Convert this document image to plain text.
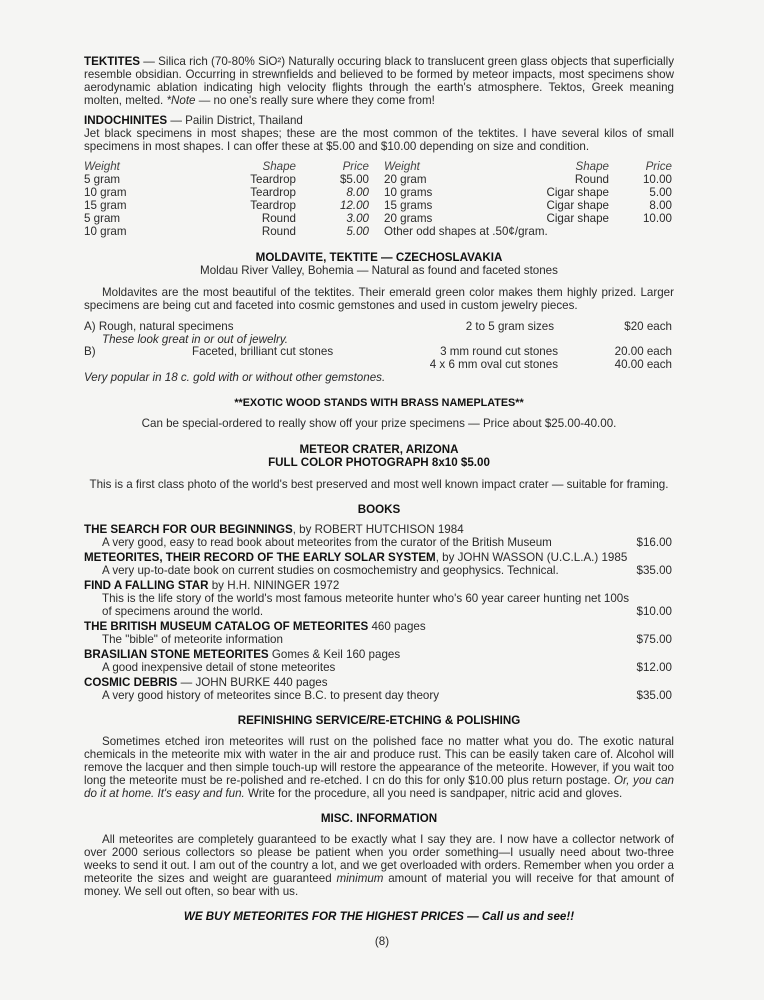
TEKTITES — Silica rich (70-80% SiO²) Naturally occuring black to translucent green glass objects that superficially resemble obsidian. Occurring in strewnfields and believed to be formed by meteor impacts, most specimens show aerodynamic ablation indicating high velocity flights through the earth's atmosphere. Tektos, Greek meaning molten, melted. *Note — no one's really sure where they come from!

INDOCHINITES — Pailin District, Thailand

Jet black specimens in most shapes; these are the most common of the tektites. I have several kilos of small specimens in most shapes. I can offer these at $5.00 and $10.00 depending on size and condition.

Weight	Shape	Price Weight	Shape	Price
5 gram	Teardrop	$5.00 20 gram	Round	10.00
10 gram	Teardrop	8.00 10 grams	Cigar shape	5.00
15 gram	Teardrop	12.00 15 grams	Cigar shape	8.00
5 gram	Round	3.00 20 grams	Cigar shape	10.00
10 gram	Round	5.00 Other odd shapes at .50¢/gram.
MOLDAVITE, TEKTITE — CZECHOSLAVAKIA
Moldau River Valley, Bohemia — Natural as found and faceted stones
Moldavites are the most beautiful of the tektites. Their emerald green color makes them highly prized. Larger specimens are being cut and faceted into cosmic gemstones and used in custom jewelry pieces.
A) Rough, natural specimens	2 to 5 gram sizes	$20 each
These look great in or out of jewelry.
B)	Faceted, brilliant cut stones	3 mm round cut stones	20.00 each
4 x 6 mm oval cut stones	40.00 each
Very popular in 18 c. gold with or without other gemstones.
**EXOTIC WOOD STANDS WITH BRASS NAMEPLATES**
Can be special-ordered to really show off your prize specimens — Price about $25.00-40.00.
METEOR CRATER, ARIZONA
FULL COLOR PHOTOGRAPH 8x10 $5.00
This is a first class photo of the world's best preserved and most well known impact crater — suitable for framing.
BOOKS
THE SEARCH FOR OUR BEGINNINGS, by ROBERT HUTCHISON 1984
A very good, easy to read book about meteorites from the curator of the British Museum	$16.00
METEORITES, THEIR RECORD OF THE EARLY SOLAR SYSTEM, by JOHN WASSON (U.C.L.A.) 1985
A very up-to-date book on current studies on cosmochemistry and geophysics. Technical.	$35.00
FIND A FALLING STAR by H.H. NININGER 1972
This is the life story of the world's most famous meteorite hunter who's 60 year career hunting net 100s of specimens around the world.	$10.00
THE BRITISH MUSEUM CATALOG OF METEORITES 460 pages
The "bible" of meteorite information	$75.00
BRASILIAN STONE METEORITES Gomes & Keil 160 pages
A good inexpensive detail of stone meteorites	$12.00
COSMIC DEBRIS — JOHN BURKE 440 pages
A very good history of meteorites since B.C. to present day theory	$35.00
REFINISHING SERVICE/RE-ETCHING & POLISHING
Sometimes etched iron meteorites will rust on the polished face no matter what you do. The exotic natural chemicals in the meteorite mix with water in the air and produce rust. This can be easily taken care of. Alcohol will remove the lacquer and then simple touch-up will restore the appearance of the meteorite. However, if you wait too long the meteorite must be re-polished and re-etched. I cn do this for only $10.00 plus return postage. Or, you can do it at home. It's easy and fun. Write for the procedure, all you need is sandpaper, nitric acid and gloves.
MISC. INFORMATION
All meteorites are completely guaranteed to be exactly what I say they are. I now have a collector network of over 2000 serious collectors so please be patient when you order something—I usually need about two-three weeks to send it out. I am out of the country a lot, and we get overloaded with orders. Remember when you order a meteorite the sizes and weight are guaranteed minimum amount of material you will receive for that amount of money. We sell out often, so bear with us.
WE BUY METEORITES FOR THE HIGHEST PRICES — Call us and see!!
(8)
